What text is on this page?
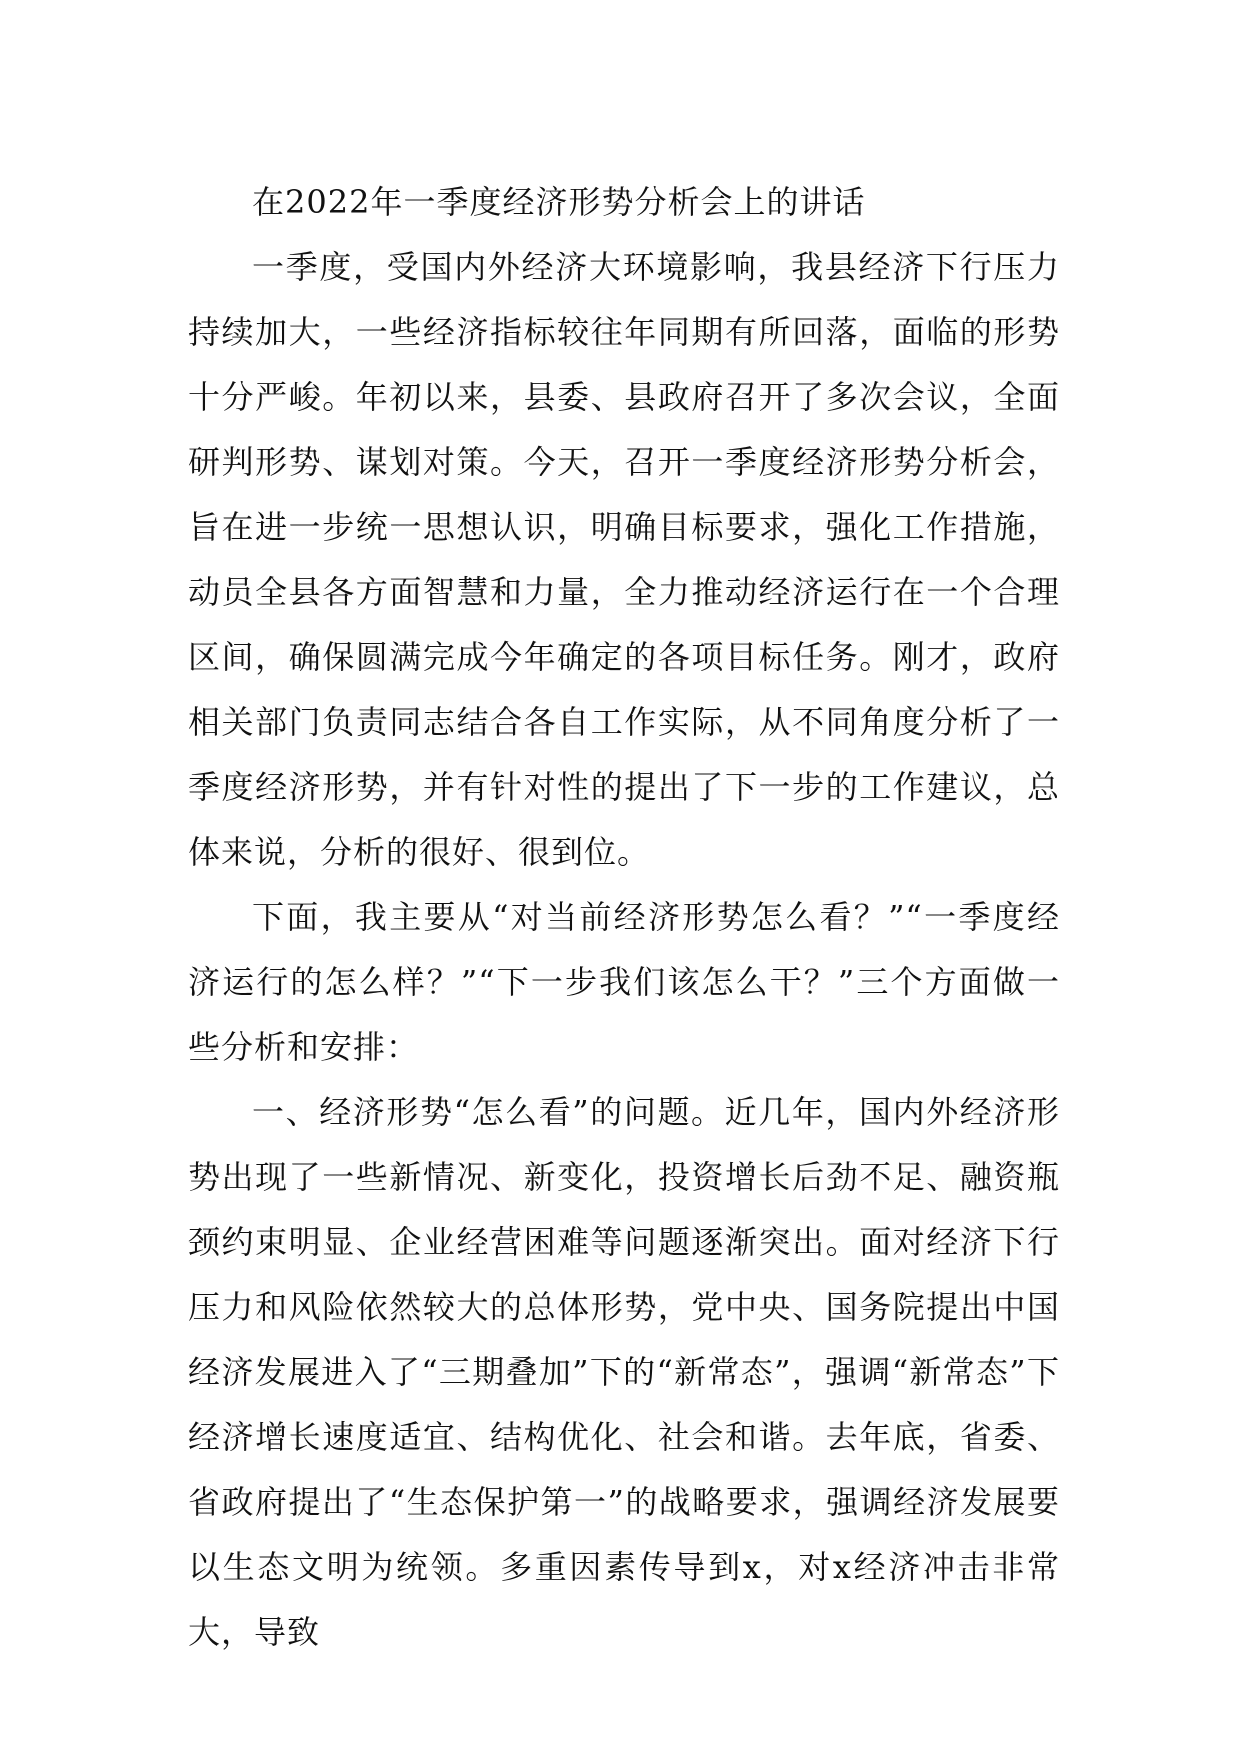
在2022年一季度经济形势分析会上的讲话

一季度，受国内外经济大环境影响，我县经济下行压力持续加大，一些经济指标较往年同期有所回落，面临的形势十分严峻。年初以来，县委、县政府召开了多次会议，全面研判形势、谋划对策。今天，召开一季度经济形势分析会，旨在进一步统一思想认识，明确目标要求，强化工作措施，动员全县各方面智慧和力量，全力推动经济运行在一个合理区间，确保圆满完成今年确定的各项目标任务。刚才，政府相关部门负责同志结合各自工作实际，从不同角度分析了一季度经济形势，并有针对性的提出了下一步的工作建议，总体来说，分析的很好、很到位。

下面，我主要从“对当前经济形势怎么看？”“一季度经济运行的怎么样？”“下一步我们该怎么干？”三个方面做一些分析和安排：

一、经济形势“怎么看”的问题。近几年，国内外经济形势出现了一些新情况、新变化，投资增长后劲不足、融资瓶颈约束明显、企业经营困难等问题逐渐突出。面对经济下行压力和风险依然较大的总体形势，党中央、国务院提出中国经济发展进入了“三期叠加”下的“新常态”，强调“新常态”下经济增长速度适宜、结构优化、社会和谐。去年底，省委、省政府提出了“生态保护第一”的战略要求，强调经济发展要以生态文明为统领。多重因素传导到x，对x经济冲击非常大，导致
